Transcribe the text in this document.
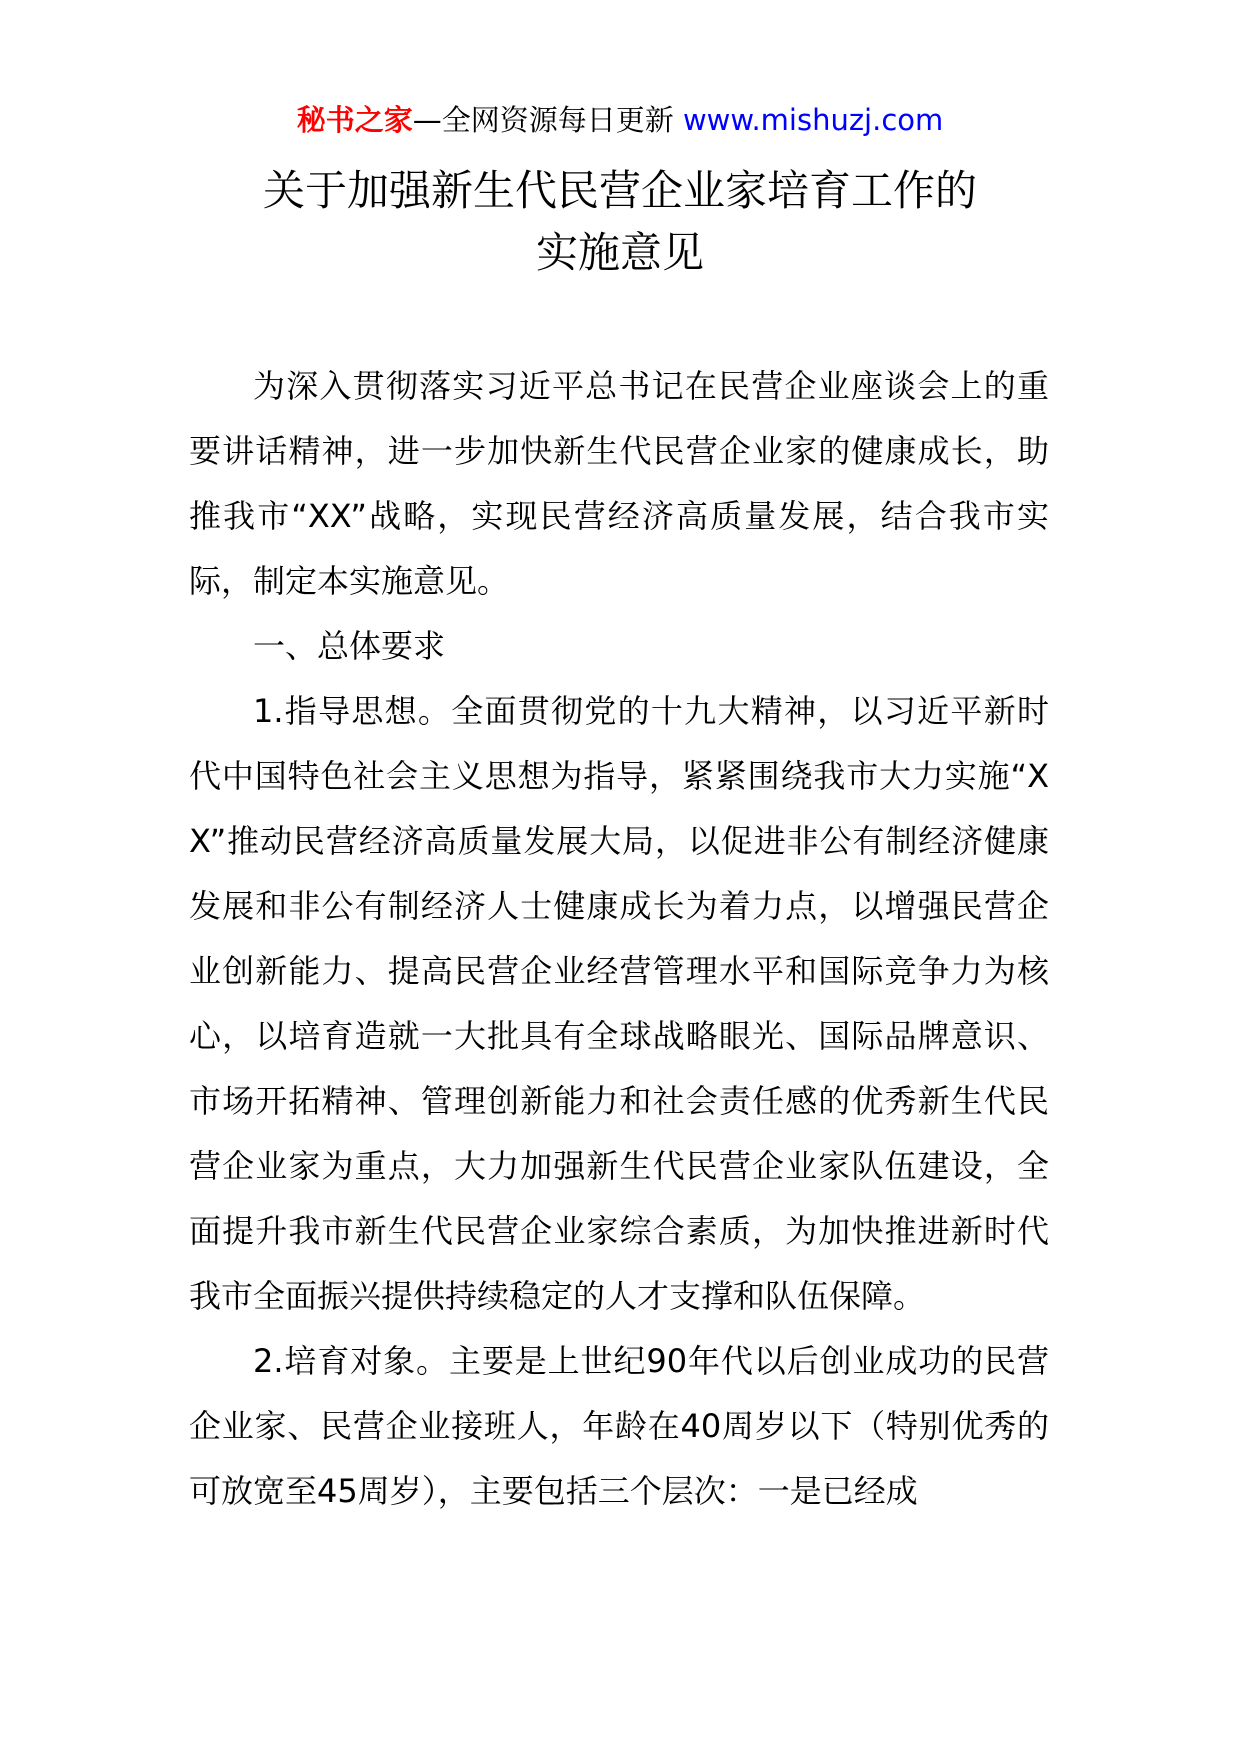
秘书之家—全网资源每日更新 www.mishuzj.com
关于加强新生代民营企业家培育工作的
实施意见

为深入贯彻落实习近平总书记在民营企业座谈会上的重要讲话精神，进一步加快新生代民营企业家的健康成长，助推我市“XX”战略，实现民营经济高质量发展，结合我市实际，制定本实施意见。

一、总体要求

1.指导思想。全面贯彻党的十九大精神，以习近平新时代中国特色社会主义思想为指导，紧紧围绕我市大力实施“XX”推动民营经济高质量发展大局，以促进非公有制经济健康发展和非公有制经济人士健康成长为着力点，以增强民营企业创新能力、提高民营企业经营管理水平和国际竞争力为核心，以培育造就一大批具有全球战略眼光、国际品牌意识、市场开拓精神、管理创新能力和社会责任感的优秀新生代民营企业家为重点，大力加强新生代民营企业家队伍建设，全面提升我市新生代民营企业家综合素质，为加快推进新时代我市全面振兴提供持续稳定的人才支撑和队伍保障。

2.培育对象。主要是上世纪90年代以后创业成功的民营企业家、民营企业接班人，年龄在40周岁以下（特别优秀的可放宽至45周岁），主要包括三个层次：一是已经成
